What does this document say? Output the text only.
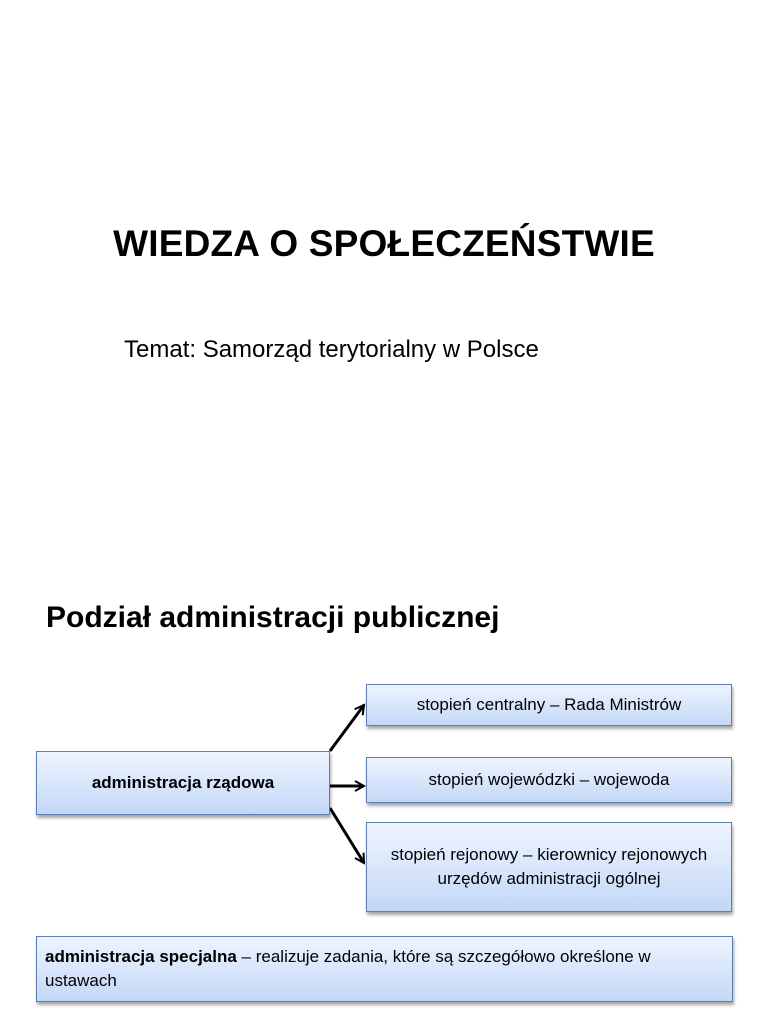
WIEDZA O SPOŁECZEŃSTWIE
Temat: Samorząd terytorialny w Polsce
Podział administracji publicznej
administracja rządowa
stopień centralny – Rada Ministrów
stopień wojewódzki – wojewoda
stopień rejonowy – kierownicy rejonowych urzędów administracji ogólnej
administracja specjalna – realizuje zadania, które są szczegółowo określone w ustawach
